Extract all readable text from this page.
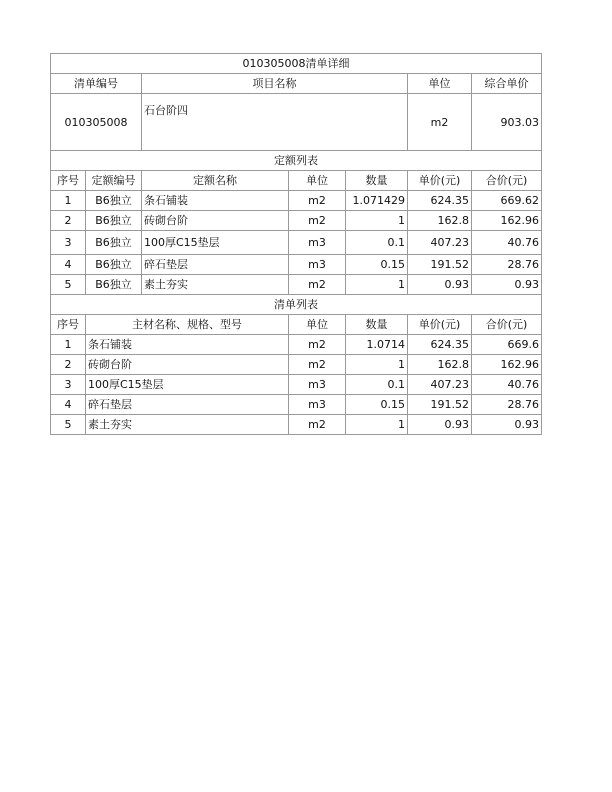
010305008清单详细						
清单编号		项目名称			单位	综合单价
010305008		石台阶四			m2	903.03
定额列表						
序号	定额编号	定额名称	单位	数量	单价(元)	合价(元)
1	B6独立	条石铺装	m2	1.071429	624.35	669.62
2	B6独立	砖砌台阶	m2	1	162.8	162.96
3	B6独立	100厚C15垫层	m3	0.1	407.23	40.76
4	B6独立	碎石垫层	m3	0.15	191.52	28.76
5	B6独立	素土夯实	m2	1	0.93	0.93
清单列表						
序号	主材名称、规格、型号		单位	数量	单价(元)	合价(元)
1	条石铺装		m2	1.0714	624.35	669.6
2	砖砌台阶		m2	1	162.8	162.96
3	100厚C15垫层		m3	0.1	407.23	40.76
4	碎石垫层		m3	0.15	191.52	28.76
5	素土夯实		m2	1	0.93	0.93
